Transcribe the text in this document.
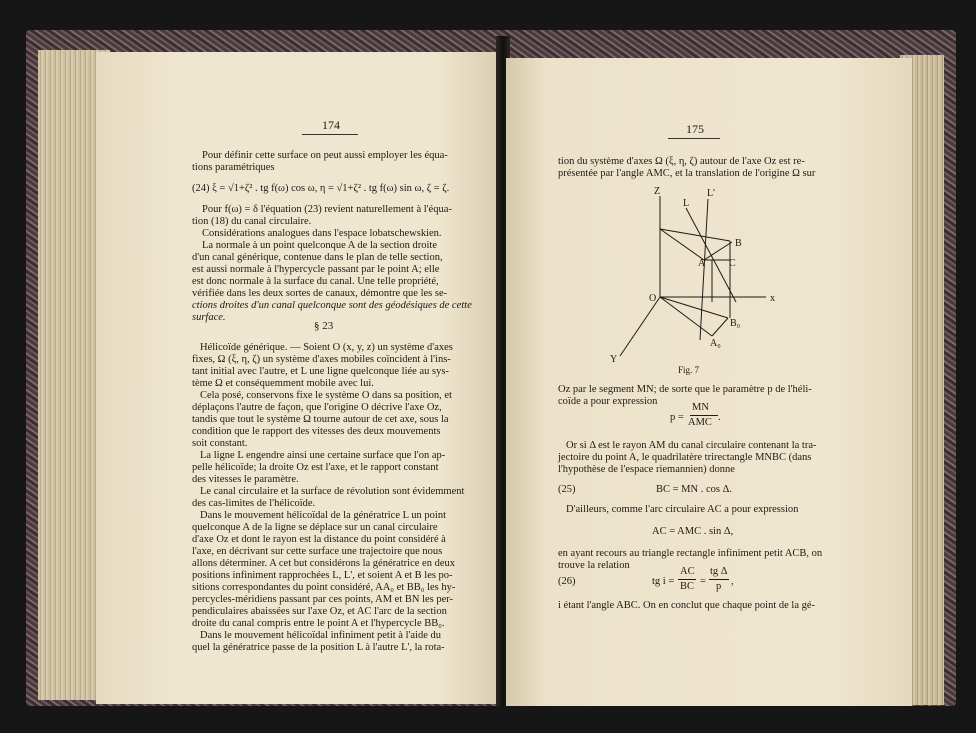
174
Pour définir cette surface on peut aussi employer les équa-
tions paramétriques
(24) ξ = √1+ζ² . tg f(ω) cos ω, η = √1+ζ² . tg f(ω) sin ω, ζ = ζ.
Pour f(ω) = δ l'équation (23) revient naturellement à l'équa-
tion (18) du canal circulaire.
Considérations analogues dans l'espace lobatschewskien.
La normale à un point quelconque A de la section droite
d'un canal générique, contenue dans le plan de telle section,
est aussi normale à l'hypercycle passant par le point A; elle
est donc normale à la surface du canal. Une telle propriété,
vérifiée dans les deux sortes de canaux, démontre que les se-
ctions droites d'un canal quelconque sont des géodésiques de cette
surface.
§ 23
Hélicoïde générique. — Soient O (x, y, z) un système d'axes
fixes, Ω (ξ, η, ζ) un système d'axes mobiles coïncident à l'ins-
tant initial avec l'autre, et L une ligne quelconque liée au sys-
tème Ω et conséquemment mobile avec lui.
Cela posé, conservons fixe le système O dans sa position, et
déplaçons l'autre de façon, que l'origine O décrive l'axe Oz,
tandis que tout le système Ω tourne autour de cet axe, sous la
condition que le rapport des vitesses des deux mouvements
soit constant.
La ligne L engendre ainsi une certaine surface que l'on ap-
pelle hélicoïde; la droite Oz est l'axe, et le rapport constant
des vitesses le paramètre.
Le canal circulaire et la surface de révolution sont évidemment
des cas-limites de l'hélicoïde.
Dans le mouvement hélicoïdal de la génératrice L un point
quelconque A de la ligne se déplace sur un canal circulaire
d'axe Oz et dont le rayon est la distance du point considéré à
l'axe, en décrivant sur cette surface une trajectoire que nous
allons déterminer. A cet but considérons la génératrice en deux
positions infiniment rapprochées L, L', et soient A et B les po-
sitions correspondantes du point considéré, AA₀ et BB₀ les hy-
percycles-méridiens passant par ces points, AM et BN les per-
pendiculaires abaissées sur l'axe Oz, et AC l'arc de la section
droite du canal compris entre le point A et l'hypercycle BB₀.
Dans le mouvement hélicoïdal infiniment petit à l'aide du
quel la génératrice passe de la position L à l'autre L', la rota-
175
tion du système d'axes Ω (ξ, η, ζ) autour de l'axe Oz est re-
présentée par l'angle AMC, et la translation de l'origine Ω sur
Z
L
L'
B
A C
O	x
B₀
A₀
Y
Fig. 7
Oz par le segment MN; de sorte que le paramètre p de l'héli-
coïde a pour expression
p =
MN
AMC .
Or si Δ est le rayon AM du canal circulaire contenant la tra-
jectoire du point A, le quadrilatère trirectangle MNBC (dans
l'hypothèse de l'espace riemannien) donne
(25)	BC = MN . cos Δ.
D'ailleurs, comme l'arc circulaire AC a pour expression
AC = AMC . sin Δ,
en ayant recours au triangle rectangle infiniment petit ACB, on
trouve la relation
(26)	tg i =
AC
BC =
tg Δ
p ,
i étant l'angle ABC. On en conclut que chaque point de la gé-
